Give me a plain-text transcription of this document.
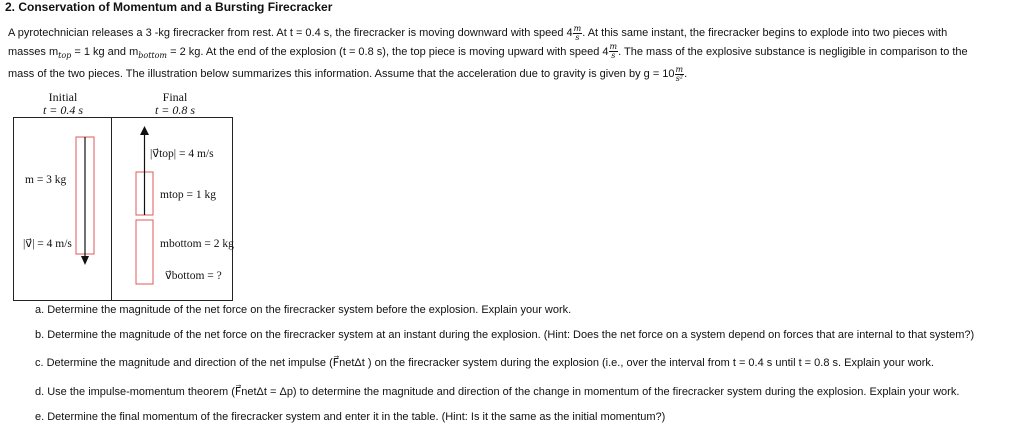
2. Conservation of Momentum and a Bursting Firecracker
A pyrotechnician releases a 3 -kg firecracker from rest. At t = 0.4 s, the firecracker is moving downward with speed $4 \frac{m}{s}$ . At this same instant, the firecracker begins to explode into two pieces with
masses $m_{top} = 1$ kg and $m_{bottom} = 2$ kg. At the end of the explosion (t = 0.8 s), the top piece is moving upward with speed $4 \frac{m}{s}$ . The mass of the explosive substance is negligible in comparison to the
mass of the two pieces. The illustration below summarizes this information. Assume that the acceleration due to gravity is given by $g = 10 \frac{m}{\text{s²}}$ .
Initial
t = 0.4 s
Final
t = 0.8 s
m = 3 kg
|v⃗| = 4 m/s
|v⃗top| = 4 m/s
mtop = 1 kg
mbottom = 2 kg
v⃗bottom = ?
a. Determine the magnitude of the net force on the firecracker system before the explosion. Explain your work.
b. Determine the magnitude of the net force on the firecracker system at an instant during the explosion. (Hint: Does the net force on a system depend on forces that are internal to that system?)
c. Determine the magnitude and direction of the net impulse (F⃗netΔt ) on the firecracker system during the explosion (i.e., over the interval from t = 0.4 s until t = 0.8 s. Explain your work.
d. Use the impulse-momentum theorem (F⃗netΔt = Δp) to determine the magnitude and direction of the change in momentum of the firecracker system during the explosion. Explain your work.
e. Determine the final momentum of the firecracker system and enter it in the table. (Hint: Is it the same as the initial momentum?)
